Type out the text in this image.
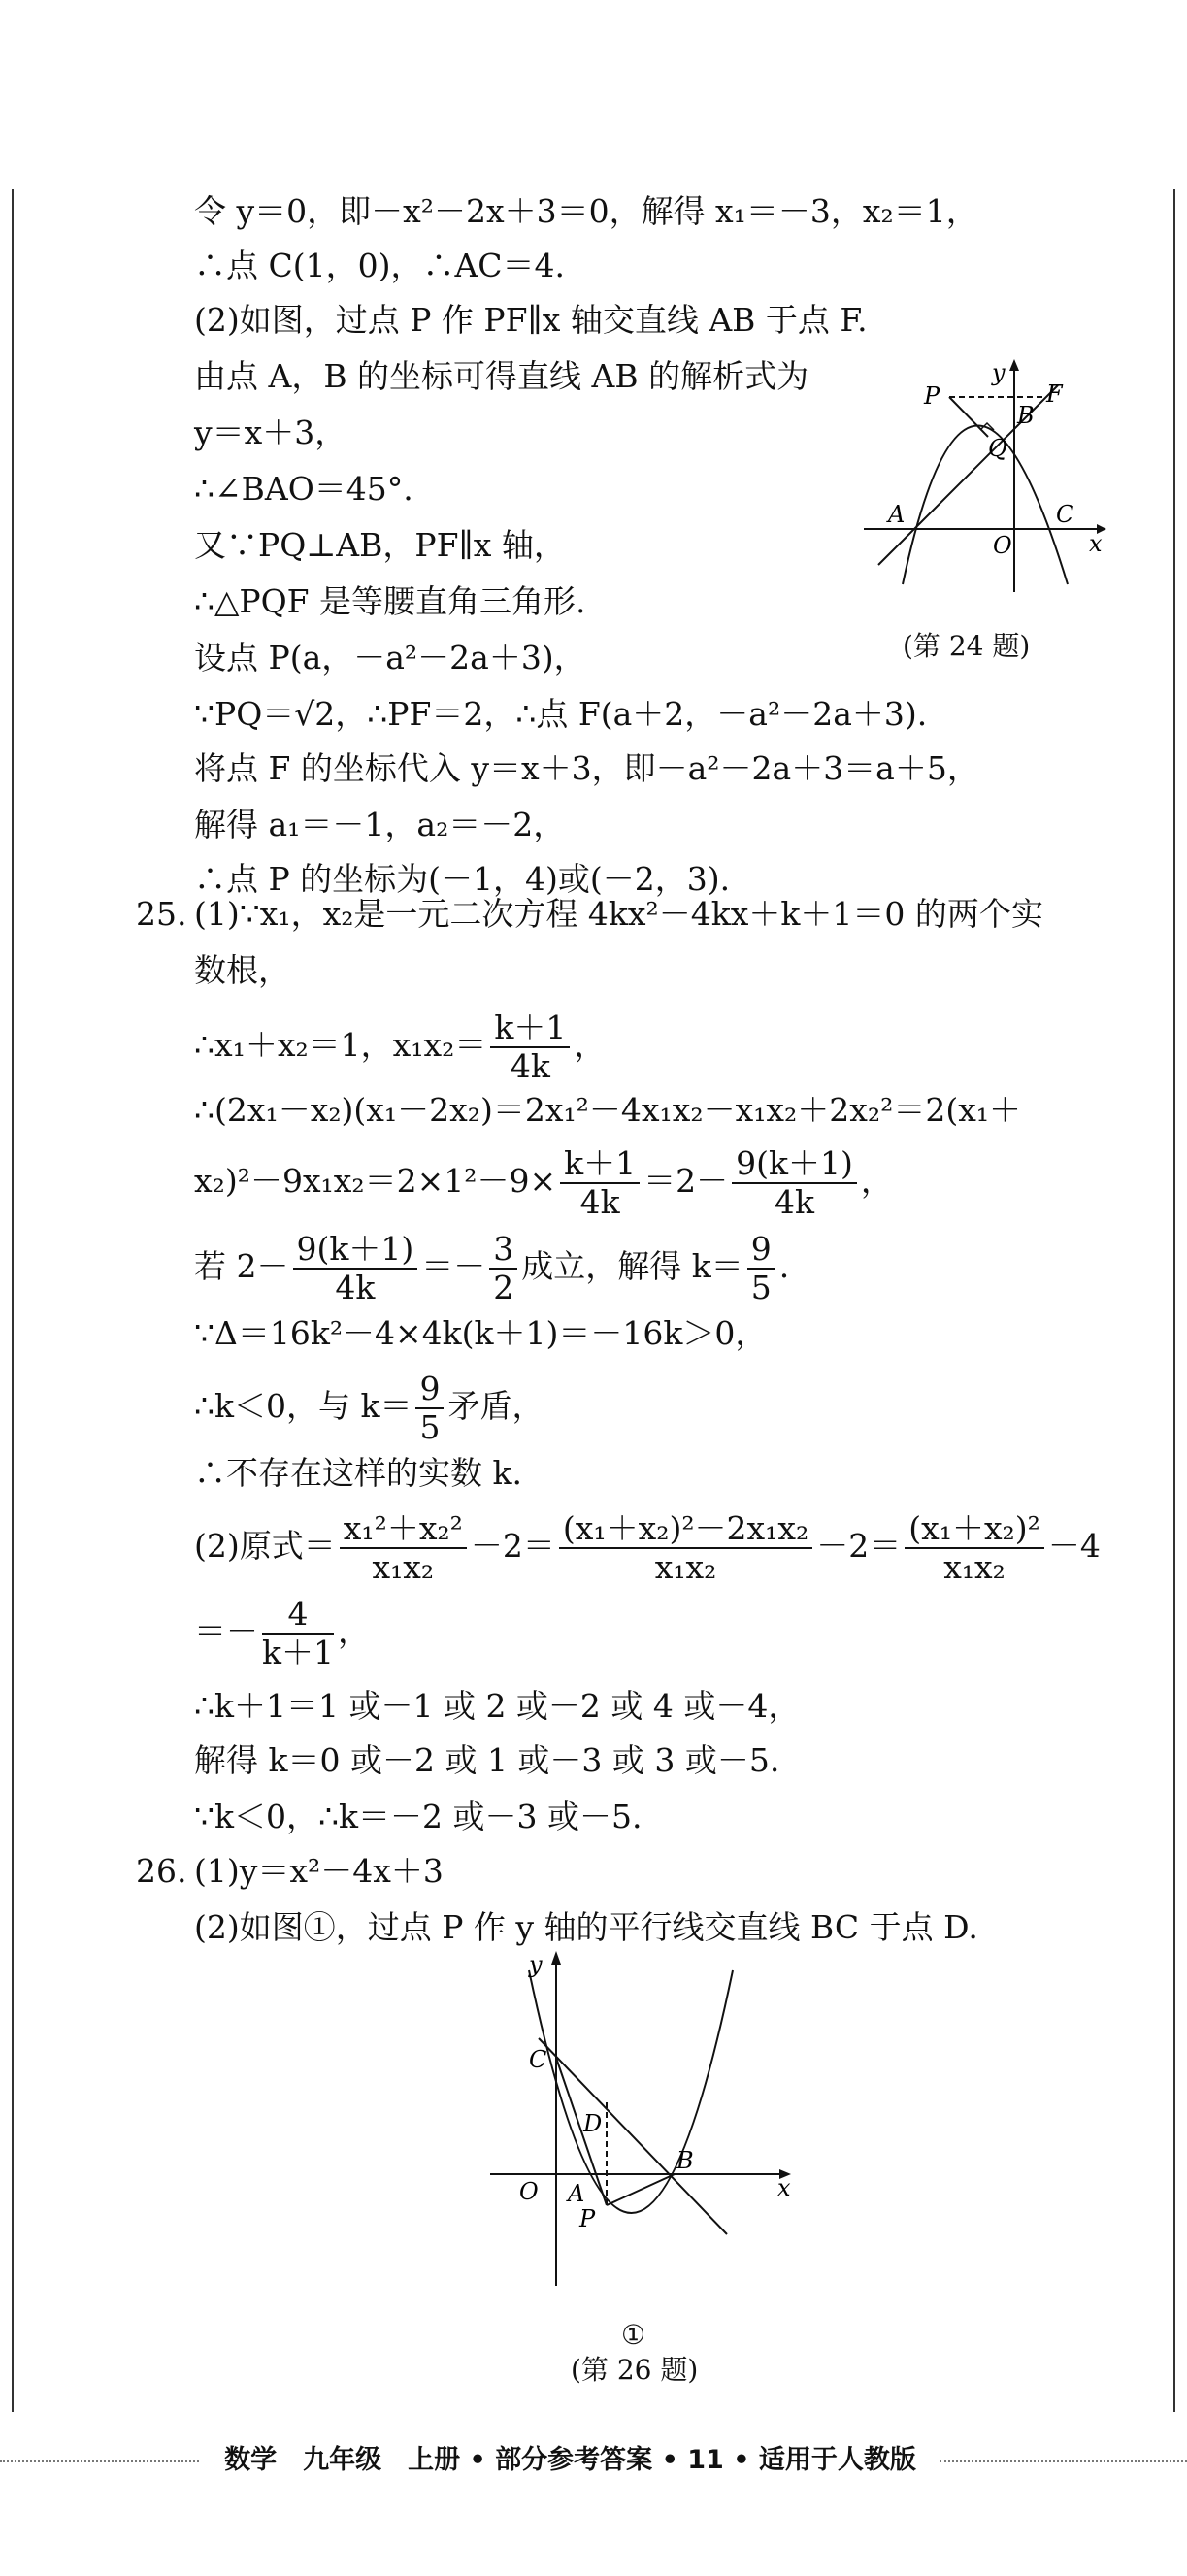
令 y＝0，即－x²－2x＋3＝0，解得 x₁＝－3，x₂＝1，
∴点 C(1，0)，∴AC＝4.
(2)如图，过点 P 作 PF∥x 轴交直线 AB 于点 F.
由点 A，B 的坐标可得直线 AB 的解析式为
y＝x＋3，
∴∠BAO＝45°.
又∵PQ⊥AB，PF∥x 轴，
∴△PQF 是等腰直角三角形.
设点 P(a，－a²－2a＋3)，
∵PQ＝√2，∴PF＝2，∴点 F(a＋2，－a²－2a＋3).
将点 F 的坐标代入 y＝x＋3，即－a²－2a＋3＝a＋5，
解得 a₁＝－1，a₂＝－2，
∴点 P 的坐标为(－1，4)或(－2，3).
y
x
P	F
B
Q
A
O
C
(第 24 题)
25. (1)∵x₁，x₂是一元二次方程 4kx²－4kx＋k＋1＝0 的两个实
数根，
∴x₁＋x₂＝1，$x_1x_2= \frac{k+1}{4k}$ ，
∴(2x₁－x₂)(x₁－2x₂)＝2x₁²－4x₁x₂－x₁x₂＋2x₂²＝2(x₁＋
$x_2)^2-9x_1x_2=2\times 1^2-9\times \frac{k+1}{4k} =2- \frac{9(k+1)}{4k}$ ，
若 $2- \frac{9(k+1)}{4k} =- \frac{3}{2}$ 成立，解得 $k= \frac{9}{5}$ .
∵Δ＝16k²－4×4k(k＋1)＝－16k＞0，
∴k＜0，与 $k= \frac{9}{5}$ 矛盾，
∴不存在这样的实数 k.
(2)原式＝ $\frac{\text{x₁²＋x₂²}}{\text{x₁x₂}} -2= \frac{\text{(x₁＋x₂)²－2x₁x₂}}{\text{x₁x₂}} -2= \frac{\text{(x₁＋x₂)²}}{\text{x₁x₂}} -4$
＝－ $\frac{4}{k+1}$ ，
∴k＋1＝1 或－1 或 2 或－2 或 4 或－4，
解得 k＝0 或－2 或 1 或－3 或 3 或－5.
∵k＜0，∴k＝－2 或－3 或－5.
26. (1)y＝x²－4x＋3
(2)如图①，过点 P 作 y 轴的平行线交直线 BC 于点 D.
y
x
C
D
O A
B
P
①
(第 26 题)
数学　九年级　上册 • 部分参考答案 • 11 • 适用于人教版
